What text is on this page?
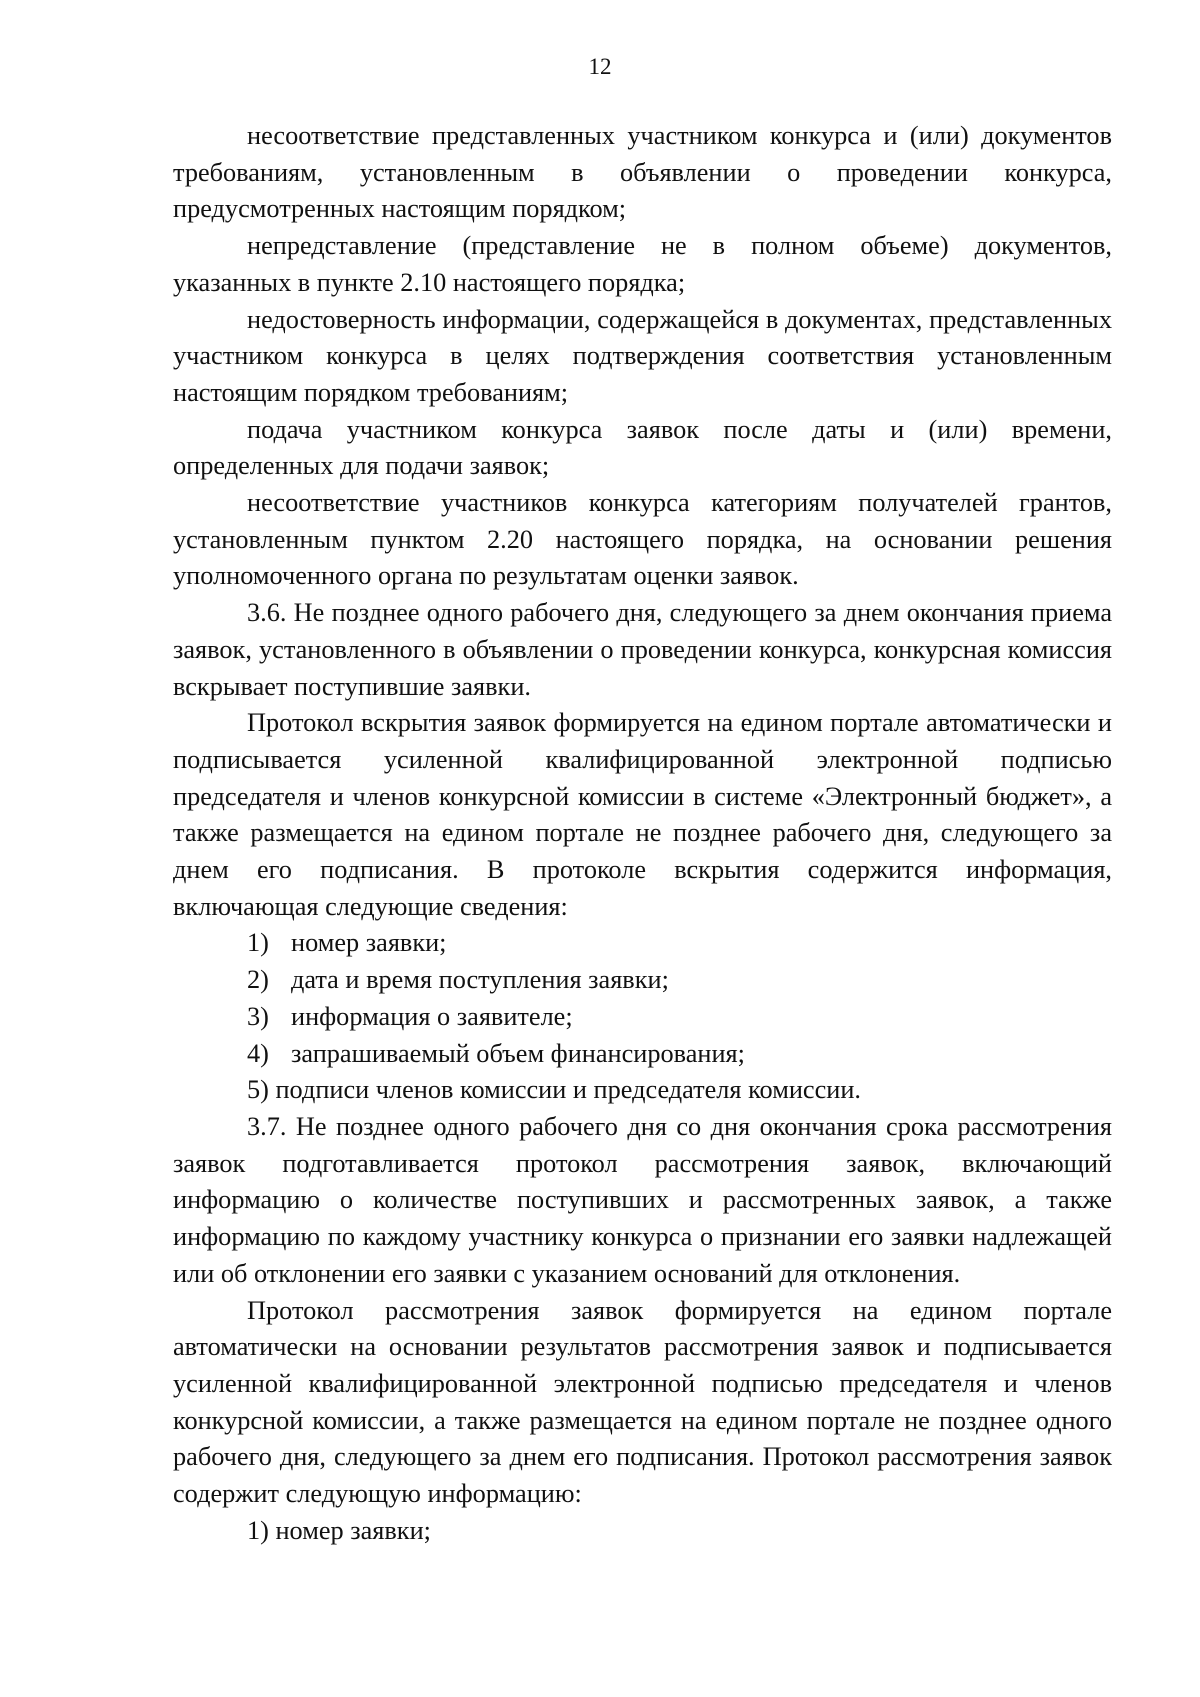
12

несоответствие представленных участником конкурса и (или) документов требованиям, установленным в объявлении о проведении конкурса, предусмотренных настоящим порядком;

непредставление (представление не в полном объеме) документов, указанных в пункте 2.10 настоящего порядка;

недостоверность информации, содержащейся в документах, представленных участником конкурса в целях подтверждения соответствия установленным настоящим порядком требованиям;

подача участником конкурса заявок после даты и (или) времени, определенных для подачи заявок;

несоответствие участников конкурса категориям получателей грантов, установленным пунктом 2.20 настоящего порядка, на основании решения уполномоченного органа по результатам оценки заявок.

3.6. Не позднее одного рабочего дня, следующего за днем окончания приема заявок, установленного в объявлении о проведении конкурса, конкурсная комиссия вскрывает поступившие заявки.

Протокол вскрытия заявок формируется на едином портале автоматически и подписывается усиленной квалифицированной электронной подписью председателя и членов конкурсной комиссии в системе «Электронный бюджет», а также размещается на едином портале не позднее рабочего дня, следующего за днем его подписания. В протоколе вскрытия содержится информация, включающая следующие сведения:

1) номер заявки;

2) дата и время поступления заявки;

3) информация о заявителе;

4) запрашиваемый объем финансирования;

5) подписи членов комиссии и председателя комиссии.

3.7. Не позднее одного рабочего дня со дня окончания срока рассмотрения заявок подготавливается протокол рассмотрения заявок, включающий информацию о количестве поступивших и рассмотренных заявок, а также информацию по каждому участнику конкурса о признании его заявки надлежащей или об отклонении его заявки с указанием оснований для отклонения.

Протокол рассмотрения заявок формируется на едином портале автоматически на основании результатов рассмотрения заявок и подписывается усиленной квалифицированной электронной подписью председателя и членов конкурсной комиссии, а также размещается на едином портале не позднее одного рабочего дня, следующего за днем его подписания. Протокол рассмотрения заявок содержит следующую информацию:

1) номер заявки;
